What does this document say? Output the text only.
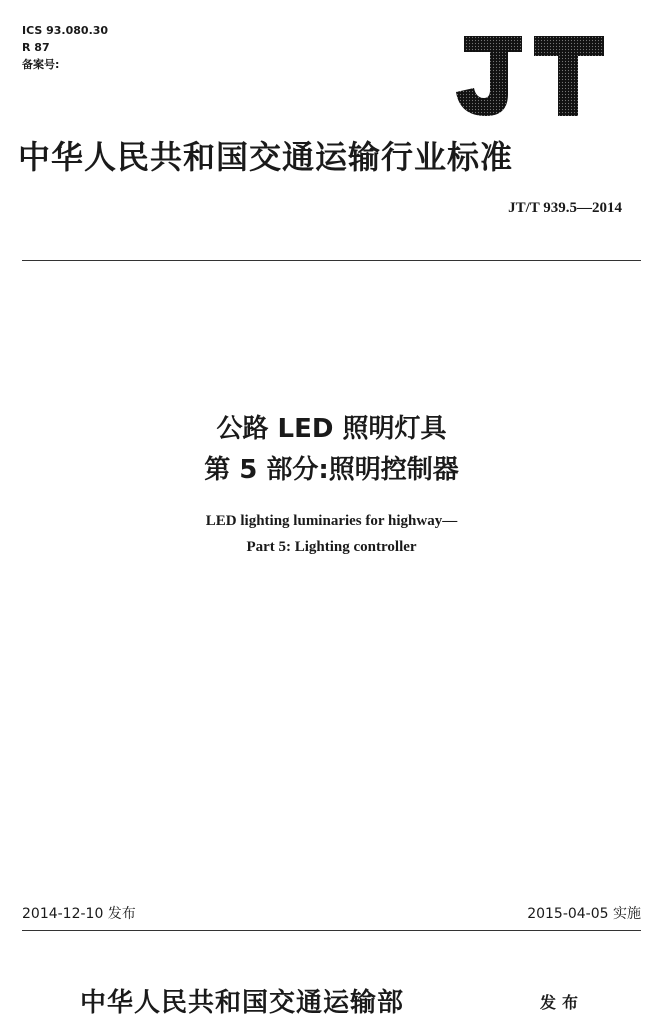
ICS 93.080.30
R 87
备案号:
中华人民共和国交通运输行业标准
JT/T 939.5—2014
公路 LED 照明灯具
第 5 部分:照明控制器
LED lighting luminaries for highway—
Part 5: Lighting controller
2014-12-10 发布	2015-04-05 实施
中华人民共和国交通运输部	发布
